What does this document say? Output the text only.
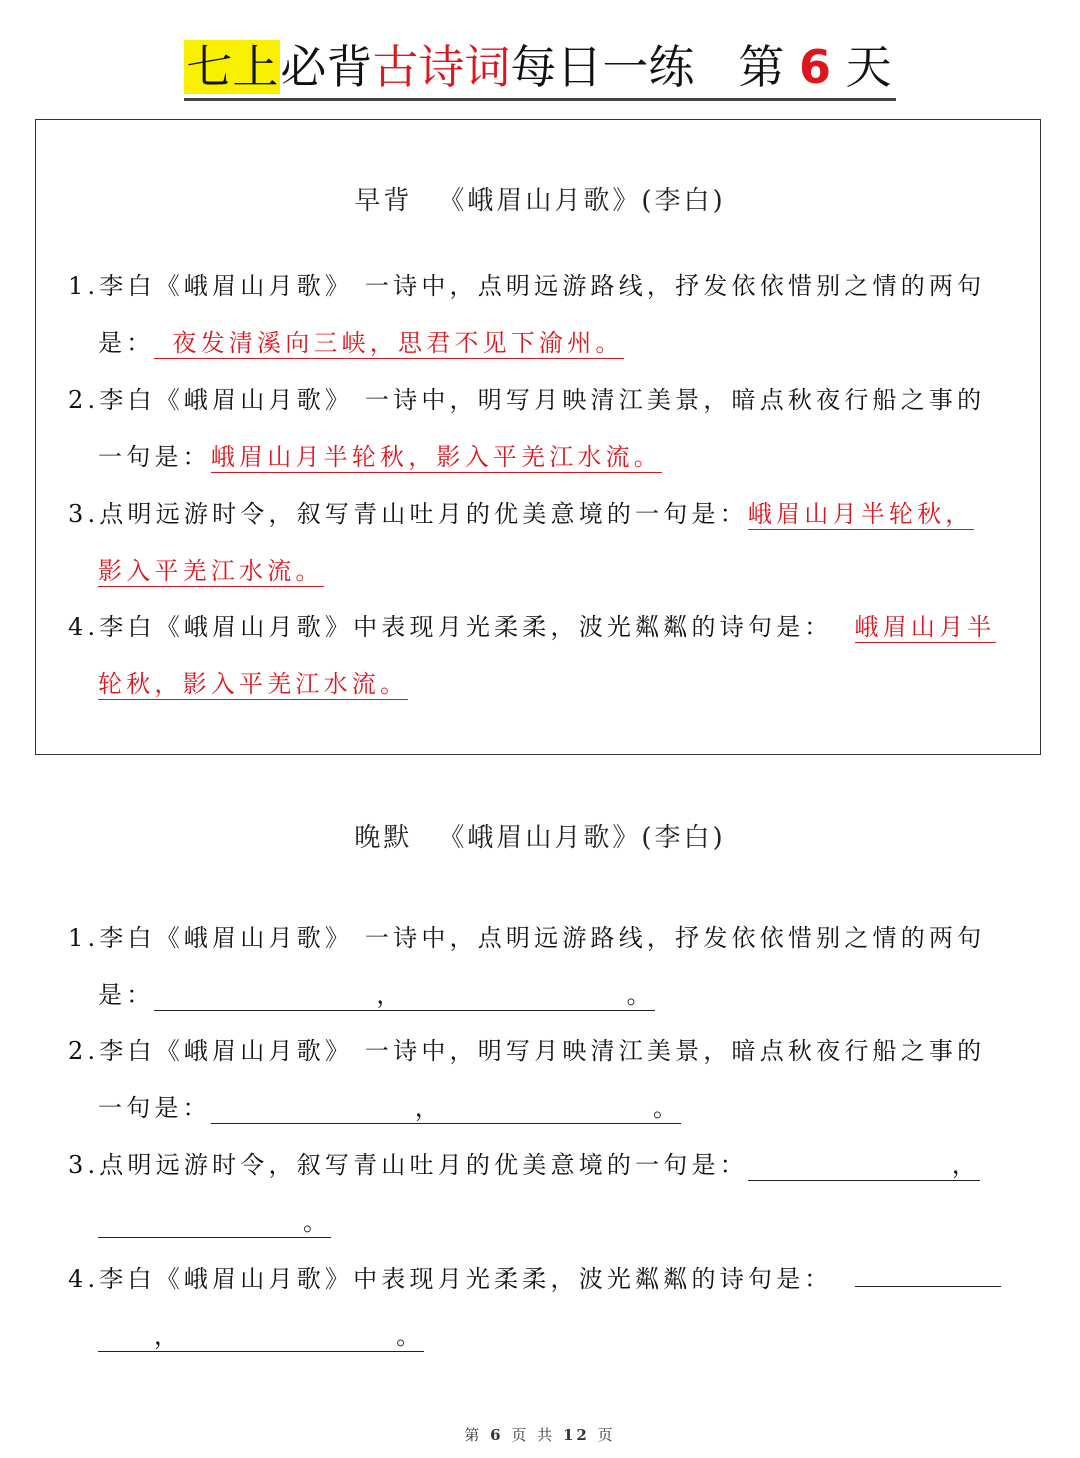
七上必背古诗词每日一练 第 6 天
早背 《峨眉山月歌》(李白)
1.李白《峨眉山月歌》 一诗中，点明远游路线，抒发依依惜别之情的两句
是： 夜发清溪向三峡，思君不见下渝州。
2.李白《峨眉山月歌》 一诗中，明写月映清江美景，暗点秋夜行船之事的
一句是：峨眉山月半轮秋，影入平羌江水流。
3.点明远游时令，叙写青山吐月的优美意境的一句是：峨眉山月半轮秋，
影入平羌江水流。
4.李白《峨眉山月歌》中表现月光柔柔，波光粼粼的诗句是： 峨眉山月半
轮秋，影入平羌江水流。
晚默 《峨眉山月歌》(李白)
1.李白《峨眉山月歌》 一诗中，点明远游路线，抒发依依惜别之情的两句
是：	，	。
2.李白《峨眉山月歌》 一诗中，明写月映清江美景，暗点秋夜行船之事的
一句是：	，	。
3.点明远游时令，叙写青山吐月的优美意境的一句是：	，
。
4.李白《峨眉山月歌》中表现月光柔柔，波光粼粼的诗句是：
，	。
第 6 页 共 12 页
